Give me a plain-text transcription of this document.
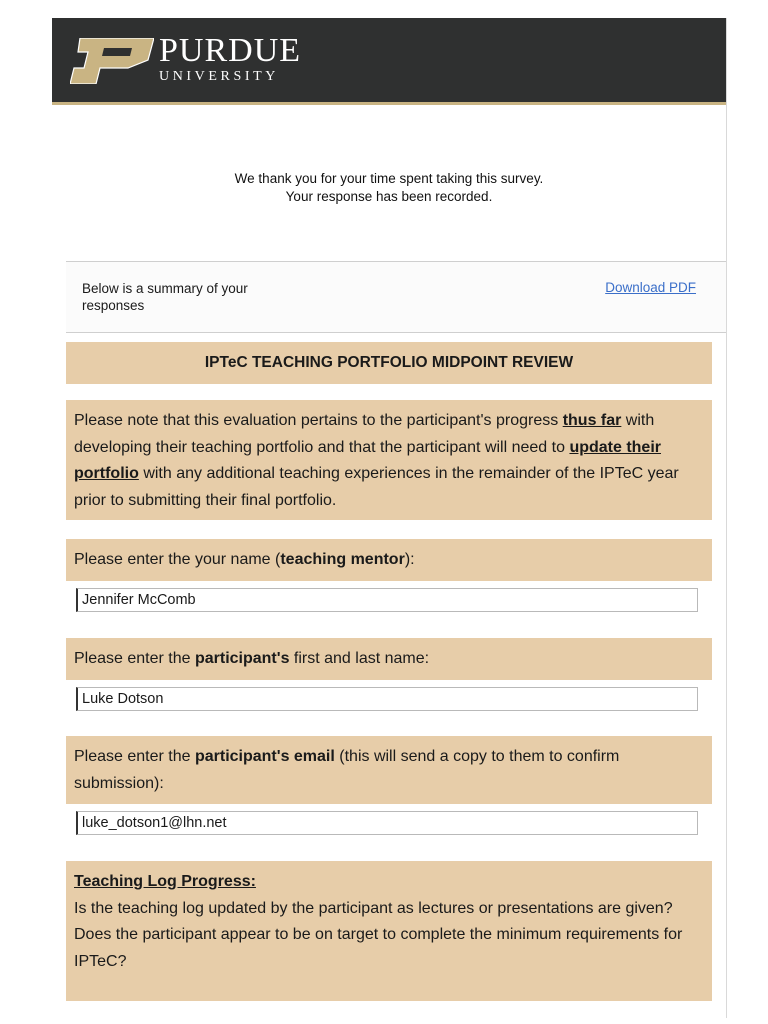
PURDUE
UNIVERSITY
We thank you for your time spent taking this survey.
Your response has been recorded.
Below is a summary of your responses
Download PDF
IPTeC TEACHING PORTFOLIO MIDPOINT REVIEW
Please note that this evaluation pertains to the participant's progress thus far with developing their teaching portfolio and that the participant will need to update their portfolio with any additional teaching experiences in the remainder of the IPTeC year prior to submitting their final portfolio.
Please enter the your name (teaching mentor):
Jennifer McComb
Please enter the participant's first and last name:
Luke Dotson
Please enter the participant's email (this will send a copy to them to confirm submission):
luke_dotson1@lhn.net
Teaching Log Progress:
Is the teaching log updated by the participant as lectures or presentations are given? Does the participant appear to be on target to complete the minimum requirements for IPTeC?
